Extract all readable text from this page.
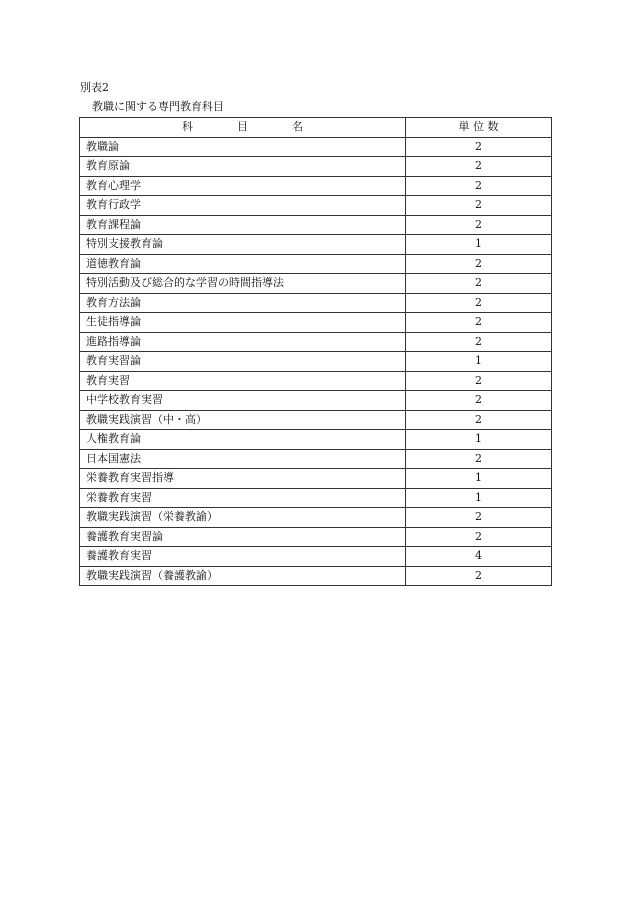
別表2
教職に関する専門教育科目
科 目 名	単 位 数
教職論	2
教育原論	2
教育心理学	2
教育行政学	2
教育課程論	2
特別支援教育論	1
道徳教育論	2
特別活動及び総合的な学習の時間指導法	2
教育方法論	2
生徒指導論	2
進路指導論	2
教育実習論	1
教育実習	2
中学校教育実習	2
教職実践演習（中・高）	2
人権教育論	1
日本国憲法	2
栄養教育実習指導	1
栄養教育実習	1
教職実践演習（栄養教諭）	2
養護教育実習論	2
養護教育実習	4
教職実践演習（養護教諭）	2
